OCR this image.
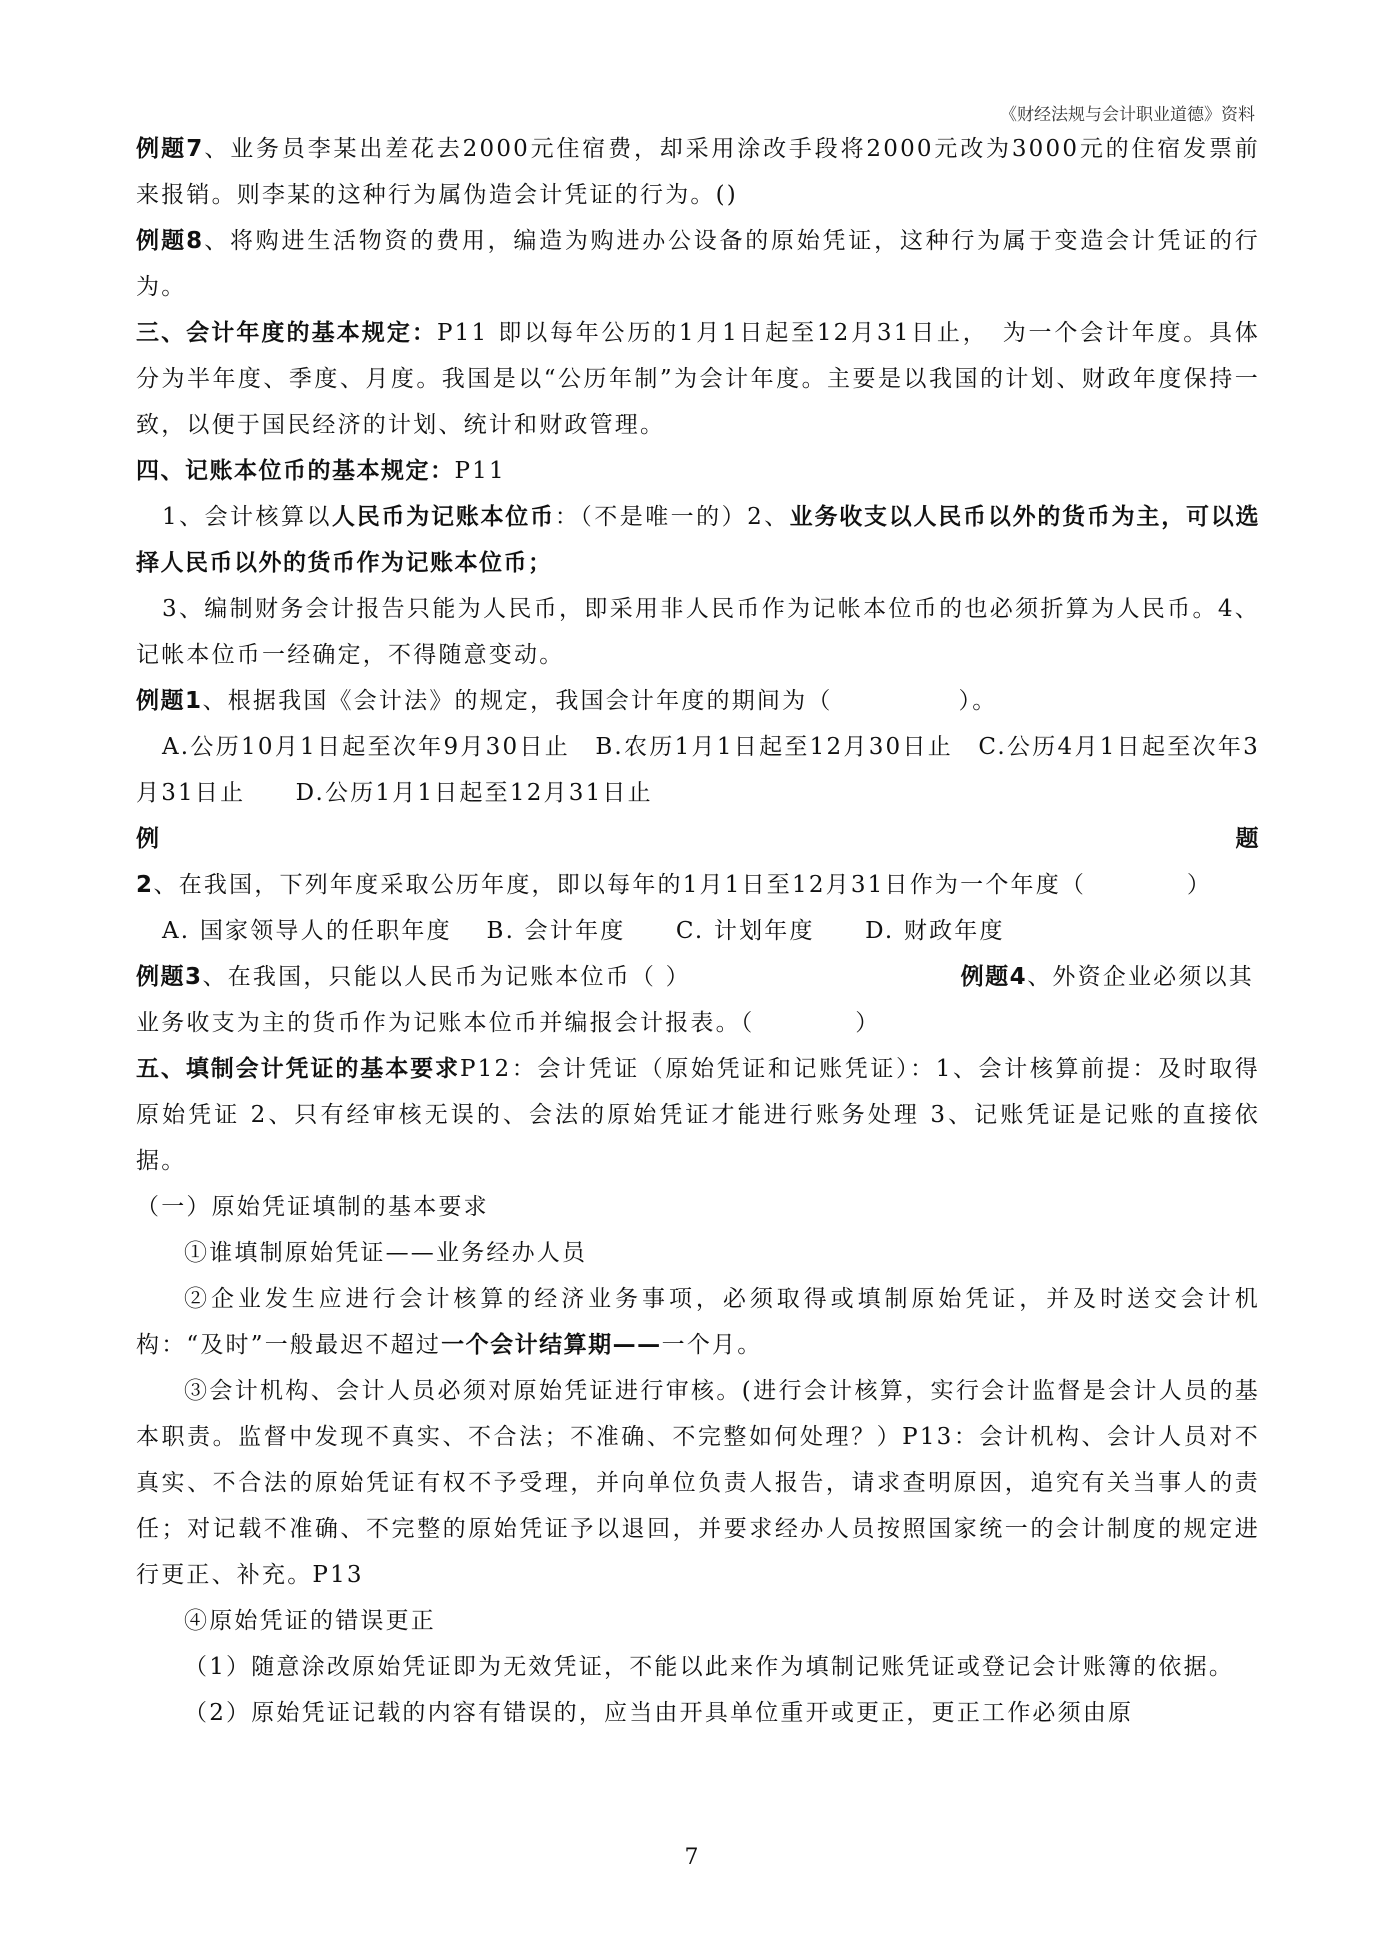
《财经法规与会计职业道德》资料

例题7、业务员李某出差花去2000元住宿费，却采用涂改手段将2000元改为3000元的住宿发票前来报销。则李某的这种行为属伪造会计凭证的行为。()

例题8、将购进生活物资的费用，编造为购进办公设备的原始凭证，这种行为属于变造会计凭证的行为。

三、会计年度的基本规定：P11 即以每年公历的1月1日起至12月31日止，　为一个会计年度。具体分为半年度、季度、月度。我国是以“公历年制”为会计年度。主要是以我国的计划、财政年度保持一致，以便于国民经济的计划、统计和财政管理。

四、记账本位币的基本规定：P11

1、会计核算以人民币为记账本位币：（不是唯一的）2、业务收支以人民币以外的货币为主，可以选择人民币以外的货币作为记账本位币；

3、编制财务会计报告只能为人民币，即采用非人民币作为记帐本位币的也必须折算为人民币。4、记帐本位币一经确定，不得随意变动。

例题1、根据我国《会计法》的规定，我国会计年度的期间为（　　　　　）。

A.公历10月1日起至次年9月30日止　B.农历1月1日起至12月30日止　C.公历4月1日起至次年3月31日止　　D.公历1月1日起至12月31日止

例题2、在我国，下列年度采取公历年度，即以每年的1月1日至12月31日作为一个年度（　　　　）

A. 国家领导人的任职年度　 B. 会计年度　　C. 计划年度　　D. 财政年度

例题3、在我国，只能以人民币为记账本位币（ ）	例题4、外资企业必须以其
业务收支为主的货币作为记账本位币并编报会计报表。（　　　　）

五、填制会计凭证的基本要求P12：会计凭证（原始凭证和记账凭证）：1、会计核算前提：及时取得原始凭证 2、只有经审核无误的、会法的原始凭证才能进行账务处理 3、记账凭证是记账的直接依据。

（一）原始凭证填制的基本要求

①谁填制原始凭证——业务经办人员

②企业发生应进行会计核算的经济业务事项，必须取得或填制原始凭证，并及时送交会计机构：“及时”一般最迟不超过一个会计结算期——一个月。

③会计机构、会计人员必须对原始凭证进行审核。(进行会计核算，实行会计监督是会计人员的基本职责。监督中发现不真实、不合法；不准确、不完整如何处理？）P13：会计机构、会计人员对不真实、不合法的原始凭证有权不予受理，并向单位负责人报告，请求查明原因，追究有关当事人的责任；对记载不准确、不完整的原始凭证予以退回，并要求经办人员按照国家统一的会计制度的规定进行更正、补充。P13

④原始凭证的错误更正

（1）随意涂改原始凭证即为无效凭证，不能以此来作为填制记账凭证或登记会计账簿的依据。

（2）原始凭证记载的内容有错误的，应当由开具单位重开或更正，更正工作必须由原

7
